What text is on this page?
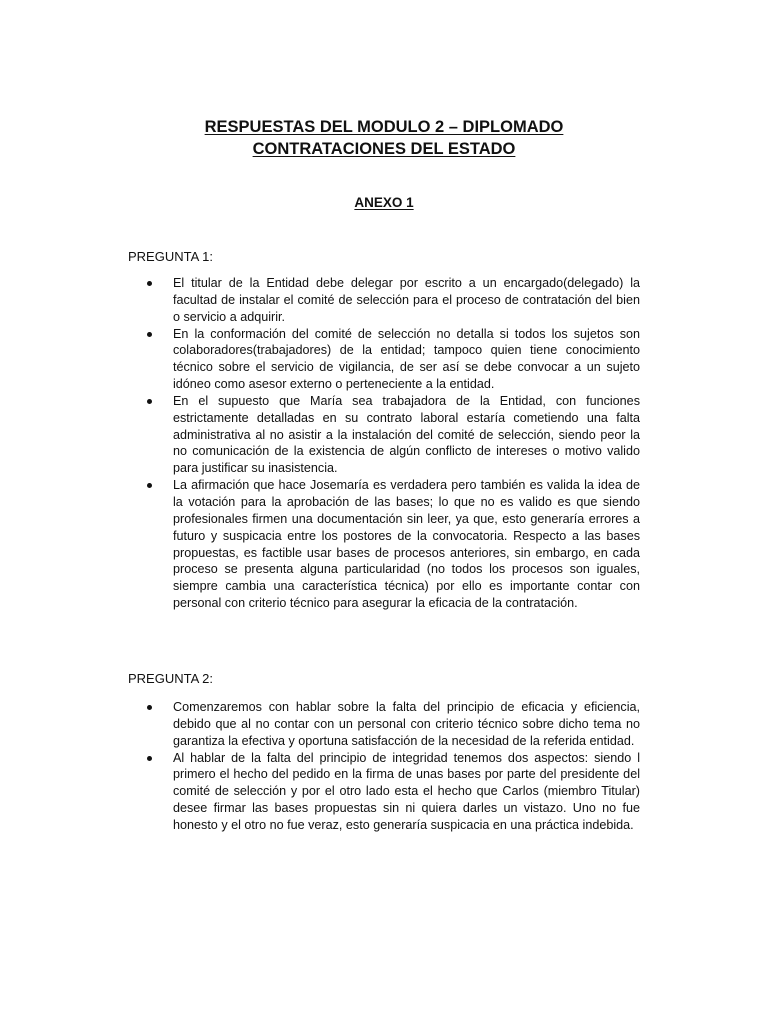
RESPUESTAS DEL MODULO 2 – DIPLOMADO
CONTRATACIONES DEL ESTADO
ANEXO 1

PREGUNTA 1:

El titular de la Entidad debe delegar por escrito a un encargado(delegado) la facultad de instalar el comité de selección para el proceso de contratación del bien o servicio a adquirir.
En la conformación del comité de selección no detalla si todos los sujetos son colaboradores(trabajadores) de la entidad; tampoco quien tiene conocimiento técnico sobre el servicio de vigilancia, de ser así se debe convocar a un sujeto idóneo como asesor externo o perteneciente a la entidad.
En el supuesto que María sea trabajadora de la Entidad, con funciones estrictamente detalladas en su contrato laboral estaría cometiendo una falta administrativa al no asistir a la instalación del comité de selección, siendo peor la no comunicación de la existencia de algún conflicto de intereses o motivo valido para justificar su inasistencia.
La afirmación que hace Josemaría es verdadera pero también es valida la idea de la votación para la aprobación de las bases; lo que no es valido es que siendo profesionales firmen una documentación sin leer, ya que, esto generaría errores a futuro y suspicacia entre los postores de la convocatoria. Respecto a las bases propuestas, es factible usar bases de procesos anteriores, sin embargo, en cada proceso se presenta alguna particularidad (no todos los procesos son iguales, siempre cambia una característica técnica) por ello es importante contar con personal con criterio técnico para asegurar la eficacia de la contratación.

PREGUNTA 2:

Comenzaremos con hablar sobre la falta del principio de eficacia y eficiencia, debido que al no contar con un personal con criterio técnico sobre dicho tema no garantiza la efectiva y oportuna satisfacción de la necesidad de la referida entidad.
Al hablar de la falta del principio de integridad tenemos dos aspectos: siendo l primero el hecho del pedido en la firma de unas bases por parte del presidente del comité de selección y por el otro lado esta el hecho que Carlos (miembro Titular) desee firmar las bases propuestas sin ni quiera darles un vistazo. Uno no fue honesto y el otro no fue veraz, esto generaría suspicacia en una práctica indebida.
